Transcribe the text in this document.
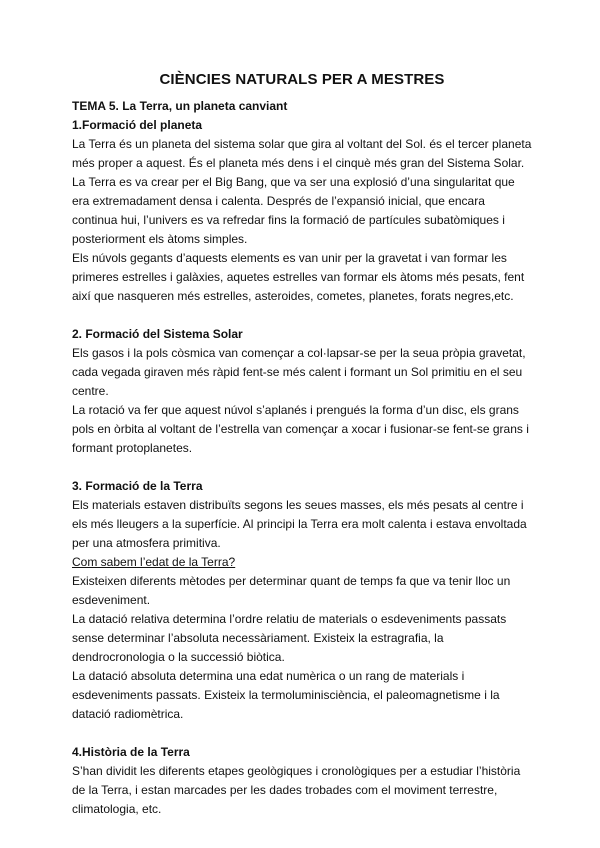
CIÈNCIES NATURALS PER A MESTRES
TEMA 5. La Terra, un planeta canviant
1.Formació del planeta

La Terra és un planeta del sistema solar que gira al voltant del Sol. és el tercer planeta més proper a aquest. És el planeta més dens i el cinquè més gran del Sistema Solar.

La Terra es va crear per el Big Bang, que va ser una explosió d’una singularitat que era extremadament densa i calenta. Després de l’expansió inicial, que encara continua hui, l’univers es va refredar fins la formació de partícules subatòmiques i posteriorment els àtoms simples.

Els núvols gegants d’aquests elements es van unir per la gravetat i van formar les primeres estrelles i galàxies, aquetes estrelles van formar els àtoms més pesats, fent així que nasqueren més estrelles, asteroides, cometes, planetes, forats negres,etc.

2. Formació del Sistema Solar

Els gasos i la pols còsmica van començar a col·lapsar-se per la seua pròpia gravetat, cada vegada giraven més ràpid fent-se més calent i formant un Sol primitiu en el seu centre.

La rotació va fer que aquest núvol s’aplanés i prengués la forma d’un disc, els grans pols en òrbita al voltant de l’estrella van començar a xocar i fusionar-se fent-se grans i formant protoplanetes.

3. Formació de la Terra

Els materials estaven distribuïts segons les seues masses, els més pesats al centre i els més lleugers a la superfície. Al principi la Terra era molt calenta i estava envoltada per una atmosfera primitiva.

Com sabem l’edat de la Terra?

Existeixen diferents mètodes per determinar quant de temps fa que va tenir lloc un esdeveniment.

La datació relativa determina l’ordre relatiu de materials o esdeveniments passats sense determinar l’absoluta necessàriament. Existeix la estragrafia, la dendrocronologia o la successió biòtica.

La datació absoluta determina una edat numèrica o un rang de materials i esdeveniments passats. Existeix la termoluminisciència, el paleomagnetisme i la datació radiomètrica.

4.Història de la Terra

S’han dividit les diferents etapes geològiques i cronològiques per a estudiar l’història de la Terra, i estan marcades per les dades trobades com el moviment terrestre, climatologia, etc.
